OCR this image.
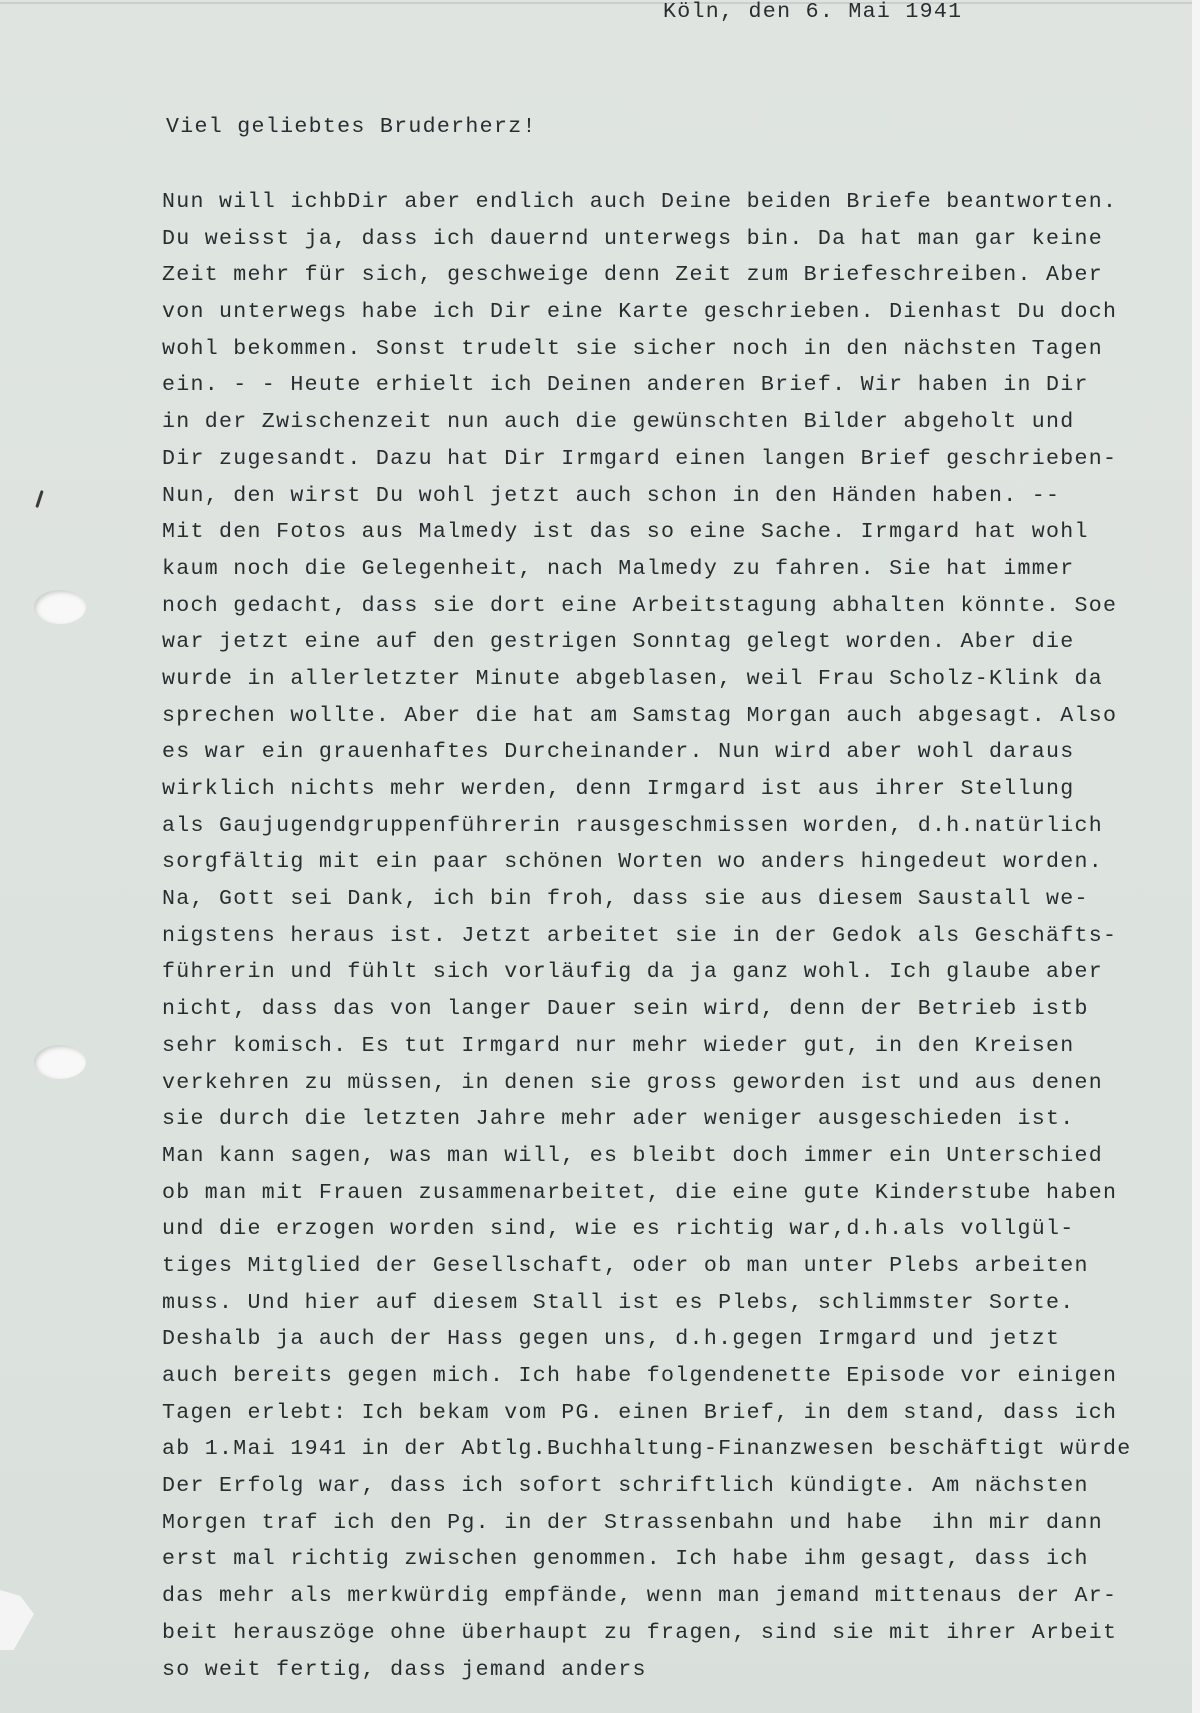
Köln, den 6. Mai 1941
Viel geliebtes Bruderherz!
Nun will ichbDir aber endlich auch Deine beiden Briefe beantworten.
Du weisst ja, dass ich dauernd unterwegs bin. Da hat man gar keine
Zeit mehr für sich, geschweige denn Zeit zum Briefeschreiben. Aber
von unterwegs habe ich Dir eine Karte geschrieben. Dienhast Du doch
wohl bekommen. Sonst trudelt sie sicher noch in den nächsten Tagen
ein. - - Heute erhielt ich Deinen anderen Brief. Wir haben in Dir
in der Zwischenzeit nun auch die gewünschten Bilder abgeholt und
Dir zugesandt. Dazu hat Dir Irmgard einen langen Brief geschrieben-
Nun, den wirst Du wohl jetzt auch schon in den Händen haben. --
Mit den Fotos aus Malmedy ist das so eine Sache. Irmgard hat wohl
kaum noch die Gelegenheit, nach Malmedy zu fahren. Sie hat immer
noch gedacht, dass sie dort eine Arbeitstagung abhalten könnte. Soe
war jetzt eine auf den gestrigen Sonntag gelegt worden. Aber die
wurde in allerletzter Minute abgeblasen, weil Frau Scholz-Klink da
sprechen wollte. Aber die hat am Samstag Morgan auch abgesagt. Also
es war ein grauenhaftes Durcheinander. Nun wird aber wohl daraus
wirklich nichts mehr werden, denn Irmgard ist aus ihrer Stellung
als Gaujugendgruppenführerin rausgeschmissen worden, d.h.natürlich
sorgfältig mit ein paar schönen Worten wo anders hingedeut worden.
Na, Gott sei Dank, ich bin froh, dass sie aus diesem Saustall we-
nigstens heraus ist. Jetzt arbeitet sie in der Gedok als Geschäfts-
führerin und fühlt sich vorläufig da ja ganz wohl. Ich glaube aber
nicht, dass das von langer Dauer sein wird, denn der Betrieb istb
sehr komisch. Es tut Irmgard nur mehr wieder gut, in den Kreisen
verkehren zu müssen, in denen sie gross geworden ist und aus denen
sie durch die letzten Jahre mehr ader weniger ausgeschieden ist.
Man kann sagen, was man will, es bleibt doch immer ein Unterschied
ob man mit Frauen zusammenarbeitet, die eine gute Kinderstube haben
und die erzogen worden sind, wie es richtig war,d.h.als vollgül-
tiges Mitglied der Gesellschaft, oder ob man unter Plebs arbeiten
muss. Und hier auf diesem Stall ist es Plebs, schlimmster Sorte.
Deshalb ja auch der Hass gegen uns, d.h.gegen Irmgard und jetzt
auch bereits gegen mich. Ich habe folgendenette Episode vor einigen
Tagen erlebt: Ich bekam vom PG. einen Brief, in dem stand, dass ich
ab 1.Mai 1941 in der Abtlg.Buchhaltung-Finanzwesen beschäftigt würde
Der Erfolg war, dass ich sofort schriftlich kündigte. Am nächsten
Morgen traf ich den Pg. in der Strassenbahn und habe  ihn mir dann
erst mal richtig zwischen genommen. Ich habe ihm gesagt, dass ich
das mehr als merkwürdig empfände, wenn man jemand mittenaus der Ar-
beit herauszöge ohne überhaupt zu fragen, sind sie mit ihrer Arbeit
so weit fertig, dass jemand anders
